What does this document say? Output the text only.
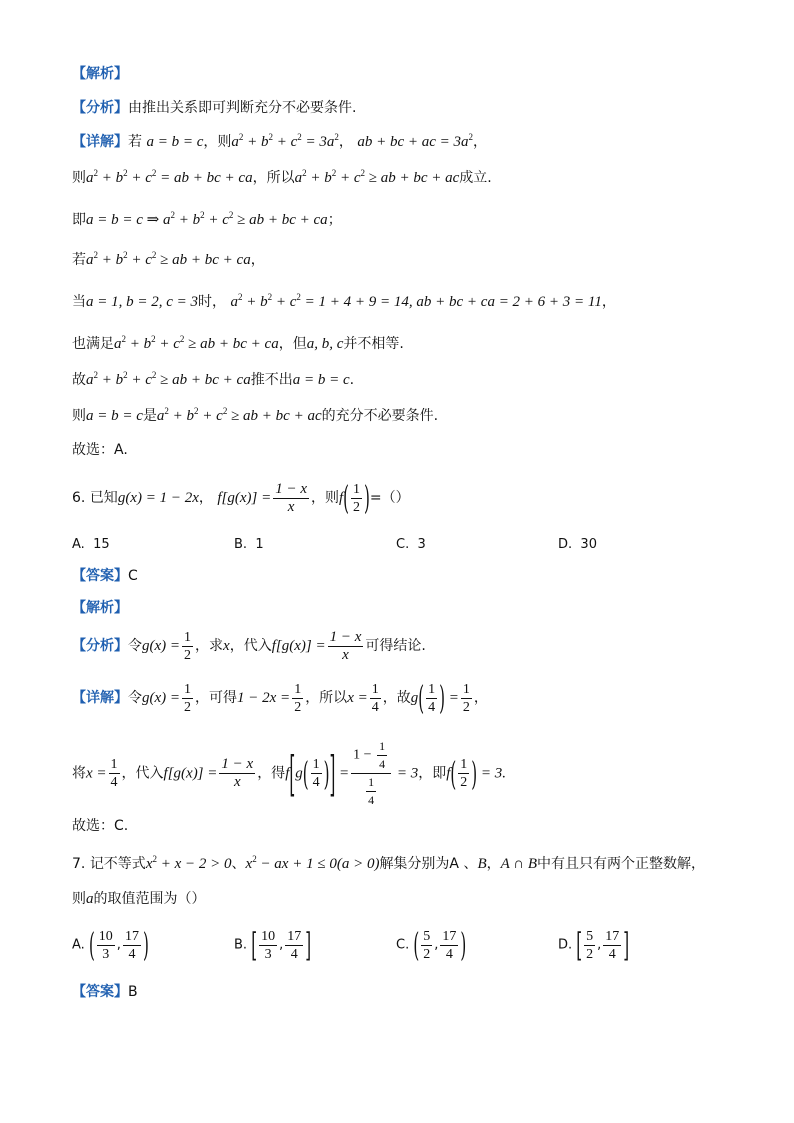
【解析】
【分析】由推出关系即可判断充分不必要条件.
【详解】若 a = b = c，则$a^2 + b^2 + c^2 = 3a^2$， ab + bc + ac = $3a^2$，
则$a^2 + b^2 + c^2$ = ab + bc + ca，所以$a^2 + b^2 + c^2$ ≥ ab + bc + ac成立.
即a = b = c ⇒ $a^2 + b^2 + c^2$ ≥ ab + bc + ca；
若$a^2 + b^2 + c^2$ ≥ ab + bc + ca，
当a = 1, b = 2, c = 3时， $a^2 + b^2 + c^2 = 1 + 4 + 9 = 14$, ab + bc + ca = 2 + 6 + 3 = 11，
也满足$a^2 + b^2 + c^2$ ≥ ab + bc + ca，但a, b, c并不相等.
故$a^2 + b^2 + c^2$ ≥ ab + bc + ca推不出a = b = c.
则a = b = c是$a^2 + b^2 + c^2$ ≥ ab + bc + ac的充分不必要条件.
故选：A.
6. 已知g(x) = 1 − 2x， $f[g(x)] = \frac{1 - x}{x}$ ，则$f( \frac{1}{2}$ )=（）
A. 15	B. 1	C. 3	D. 30
【答案】C
【解析】
【分析】令$g(x) = \frac{1}{2}$ ，求x，代入$f[g(x)] = \frac{1 - x}{x}$ 可得结论.
【详解】令$g(x) = \frac{1}{2}$ ，可得$1 - 2x = \frac{1}{2}$ ，所以$x = \frac{1}{4}$ ，故$g( \frac{1}{4}$ ) = $\frac{1}{2}$ ，
将$x = \frac{1}{4}$ ，代入$f[g(x)] = \frac{1 - x}{x}$ ，得$f[g( \frac{1}{4}$ )] = $\frac{1 - \frac{1}{4}}{\frac{1}{4}} = 3$，即$f( \frac{1}{2}$ ) = 3.
故选：C.
7. 记不等式$x^2 + x - 2 > 0$、$x^2$ − ax + 1 ≤ 0(a > 0)解集分别为A 、B，A ∩ B中有且只有两个正整数解，
则a的取值范围为（）
A. ( $\frac{10}{3}$ , $\frac{17}{4}$ )	B. [ $\frac{10}{3}$ , $\frac{17}{4}$ ]	C. ( $\frac{5}{2}$ , $\frac{17}{4}$ )	D. [ $\frac{5}{2}$ , $\frac{17}{4}$ ]
【答案】B
